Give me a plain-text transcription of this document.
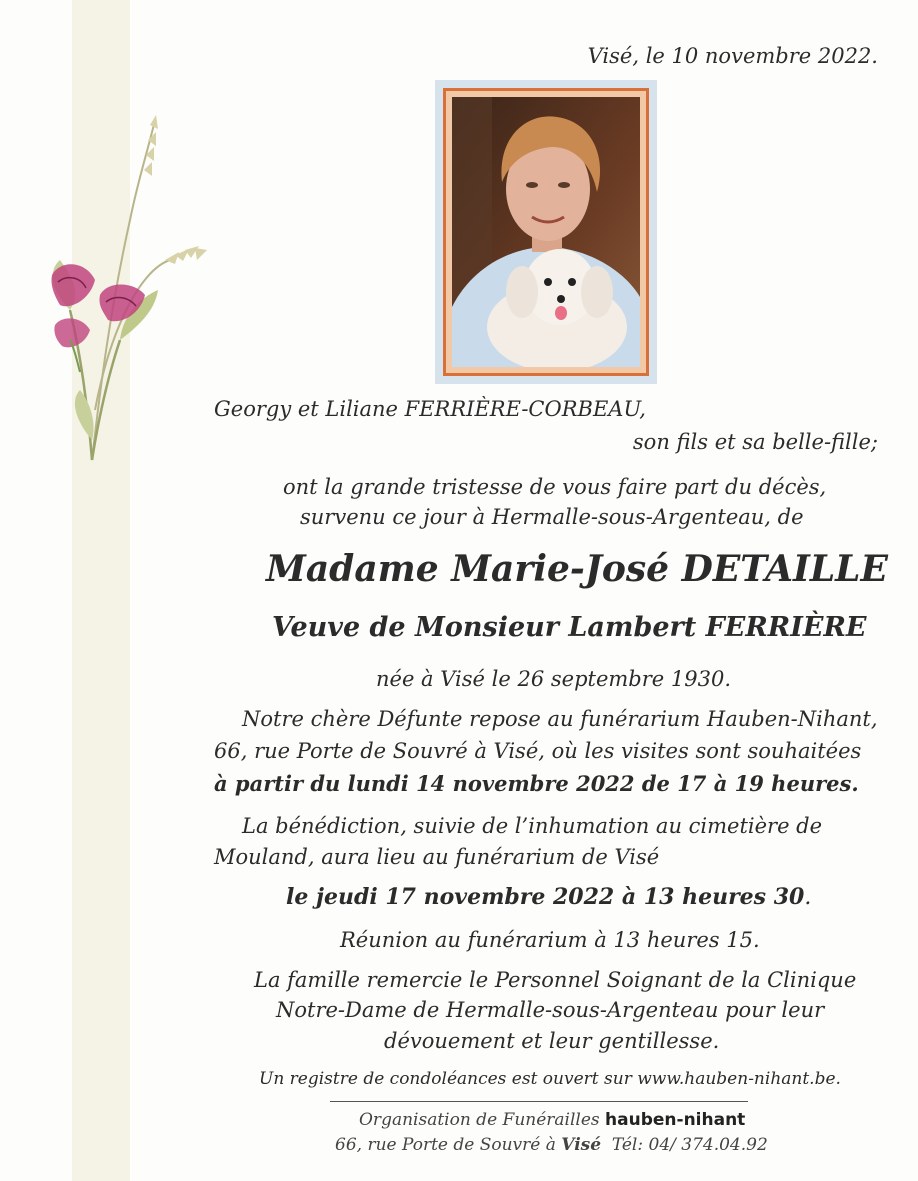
Visé, le 10 novembre 2022.
Georgy et Liliane FERRIÈRE-CORBEAU,
son fils et sa belle-fille;
ont la grande tristesse de vous faire part du décès,
survenu ce jour à Hermalle-sous-Argenteau, de
Madame Marie-José DETAILLE
Veuve de Monsieur Lambert FERRIÈRE
née à Visé le 26 septembre 1930.
Notre chère Défunte repose au funérarium Hauben-Nihant,
66, rue Porte de Souvré à Visé, où les visites sont souhaitées
à partir du lundi 14 novembre 2022 de 17 à 19 heures.
La bénédiction, suivie de l’inhumation au cimetière de
Mouland, aura lieu au funérarium de Visé
le jeudi 17 novembre 2022 à 13 heures 30.
Réunion au funérarium à 13 heures 15.
La famille remercie le Personnel Soignant de la Clinique
Notre-Dame de Hermalle-sous-Argenteau pour leur
dévouement et leur gentillesse.
Un registre de condoléances est ouvert sur www.hauben-nihant.be.
Organisation de Funérailles hauben-nihant
66, rue Porte de Souvré à Visé  Tél: 04/ 374.04.92
